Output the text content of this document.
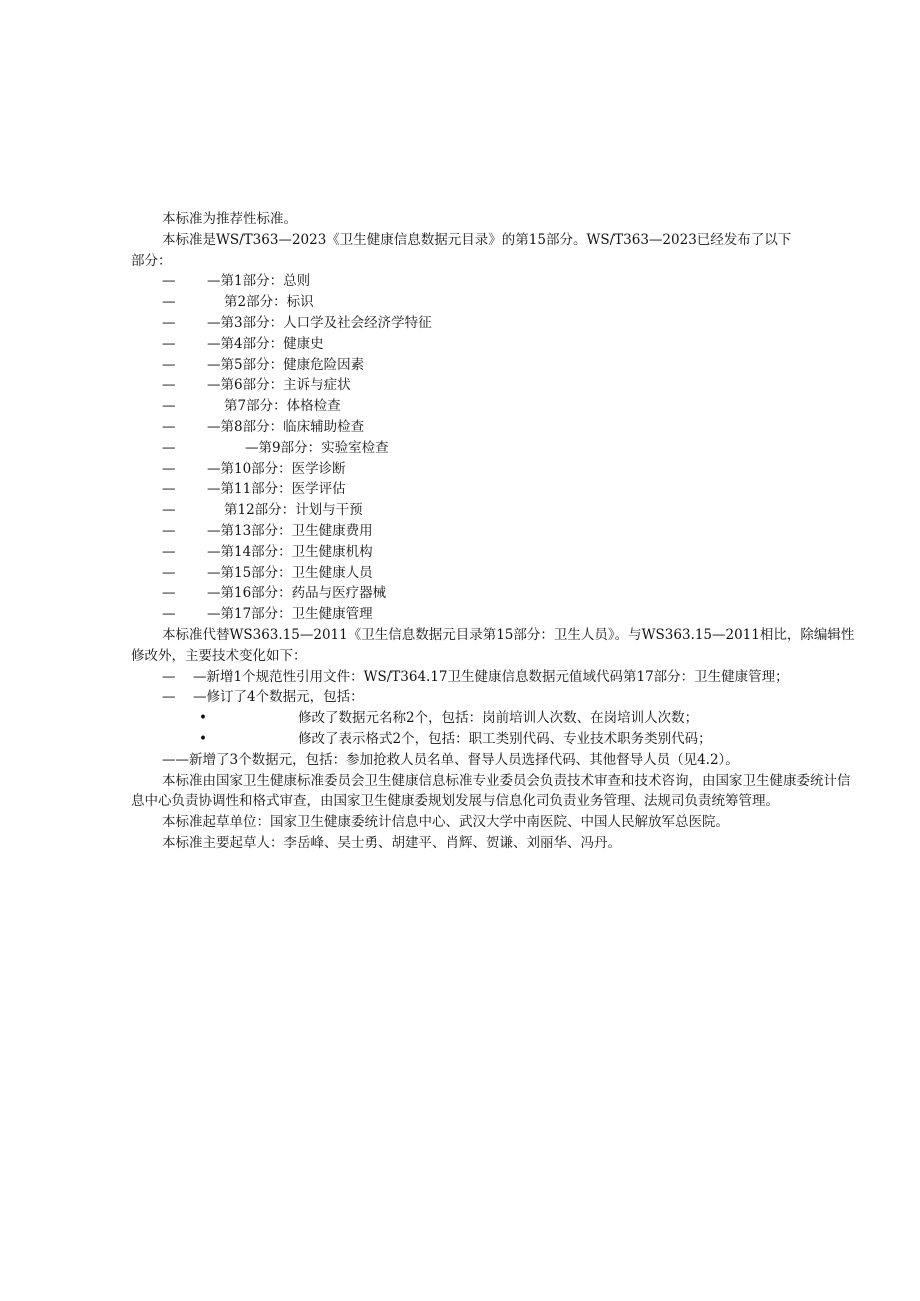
本标准为推荐性标准。
本标准是WS/T363—2023《卫生健康信息数据元目录》的第15部分。WS/T363—2023已经发布了以下
部分：
— —第1部分：总则
—	第2部分：标识
— —第3部分：人口学及社会经济学特征
— —第4部分：健康史
— —第5部分：健康危险因素
— —第6部分：主诉与症状
—	第7部分：体格检查
— —第8部分：临床辅助检查
—	—第9部分：实验室检查
— —第10部分：医学诊断
— —第11部分：医学评估
—	第12部分：计划与干预
— —第13部分：卫生健康费用
— —第14部分：卫生健康机构
— —第15部分：卫生健康人员
— —第16部分：药品与医疗器械
— —第17部分：卫生健康管理
本标准代替WS363.15—2011《卫生信息数据元目录第15部分：卫生人员》。与WS363.15—2011相比，除编辑性修改外，主要技术变化如下：
— —新增1个规范性引用文件：WS/T364.17卫生健康信息数据元值域代码第17部分：卫生健康管理；
— —修订了4个数据元，包括：
•	修改了数据元名称2个，包括：岗前培训人次数、在岗培训人次数；
•	修改了表示格式2个，包括：职工类别代码、专业技术职务类别代码；
——新增了3个数据元，包括：参加抢救人员名单、督导人员选择代码、其他督导人员（见4.2）。
本标准由国家卫生健康标准委员会卫生健康信息标准专业委员会负责技术审查和技术咨询，由国家卫生健康委统计信息中心负责协调性和格式审查，由国家卫生健康委规划发展与信息化司负责业务管理、法规司负责统筹管理。
本标准起草单位：国家卫生健康委统计信息中心、武汉大学中南医院、中国人民解放军总医院。
本标准主要起草人：李岳峰、吴士勇、胡建平、肖辉、贺谦、刘丽华、冯丹。
